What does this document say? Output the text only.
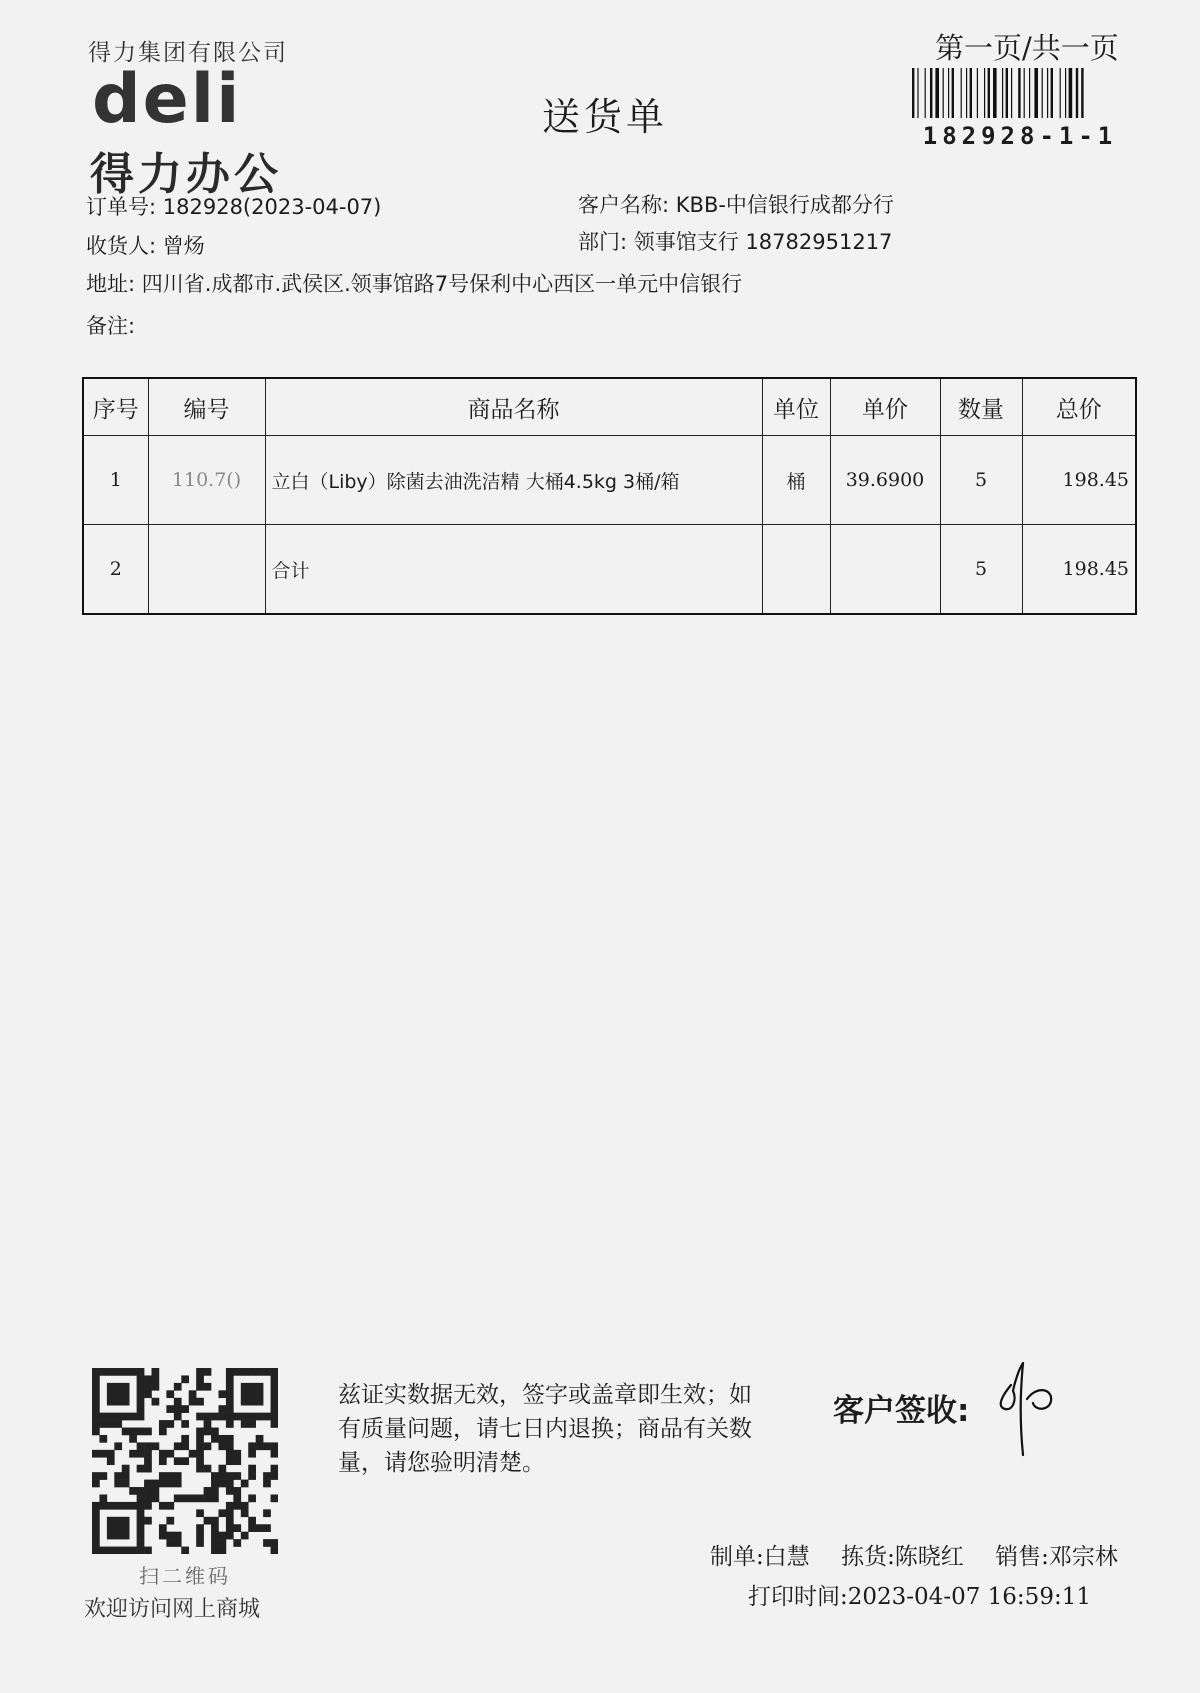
得力集团有限公司
deli
得力办公
送货单
第一页/共一页
182928-1-1
订单号: 182928(2023-04-07)
收货人: 曾炀
地址: 四川省.成都市.武侯区.领事馆路7号保利中心西区一单元中信银行
备注:
客户名称: KBB-中信银行成都分行
部门: 领事馆支行 18782951217
序号	编号	商品名称	单位	单价	数量	总价
1	110.7()	立白（Liby）除菌去油洗洁精 大桶4.5kg 3桶/箱	桶	39.6900	5	198.45
2		合计			5	198.45
扫二维码
欢迎访问网上商城
兹证实数据无效，签字或盖章即生效；如有质量问题，请七日内退换；商品有关数量，请您验明清楚。
客户签收:
制单:白慧 拣货:陈晓红 销售:邓宗林
打印时间:2023-04-07 16:59:11
